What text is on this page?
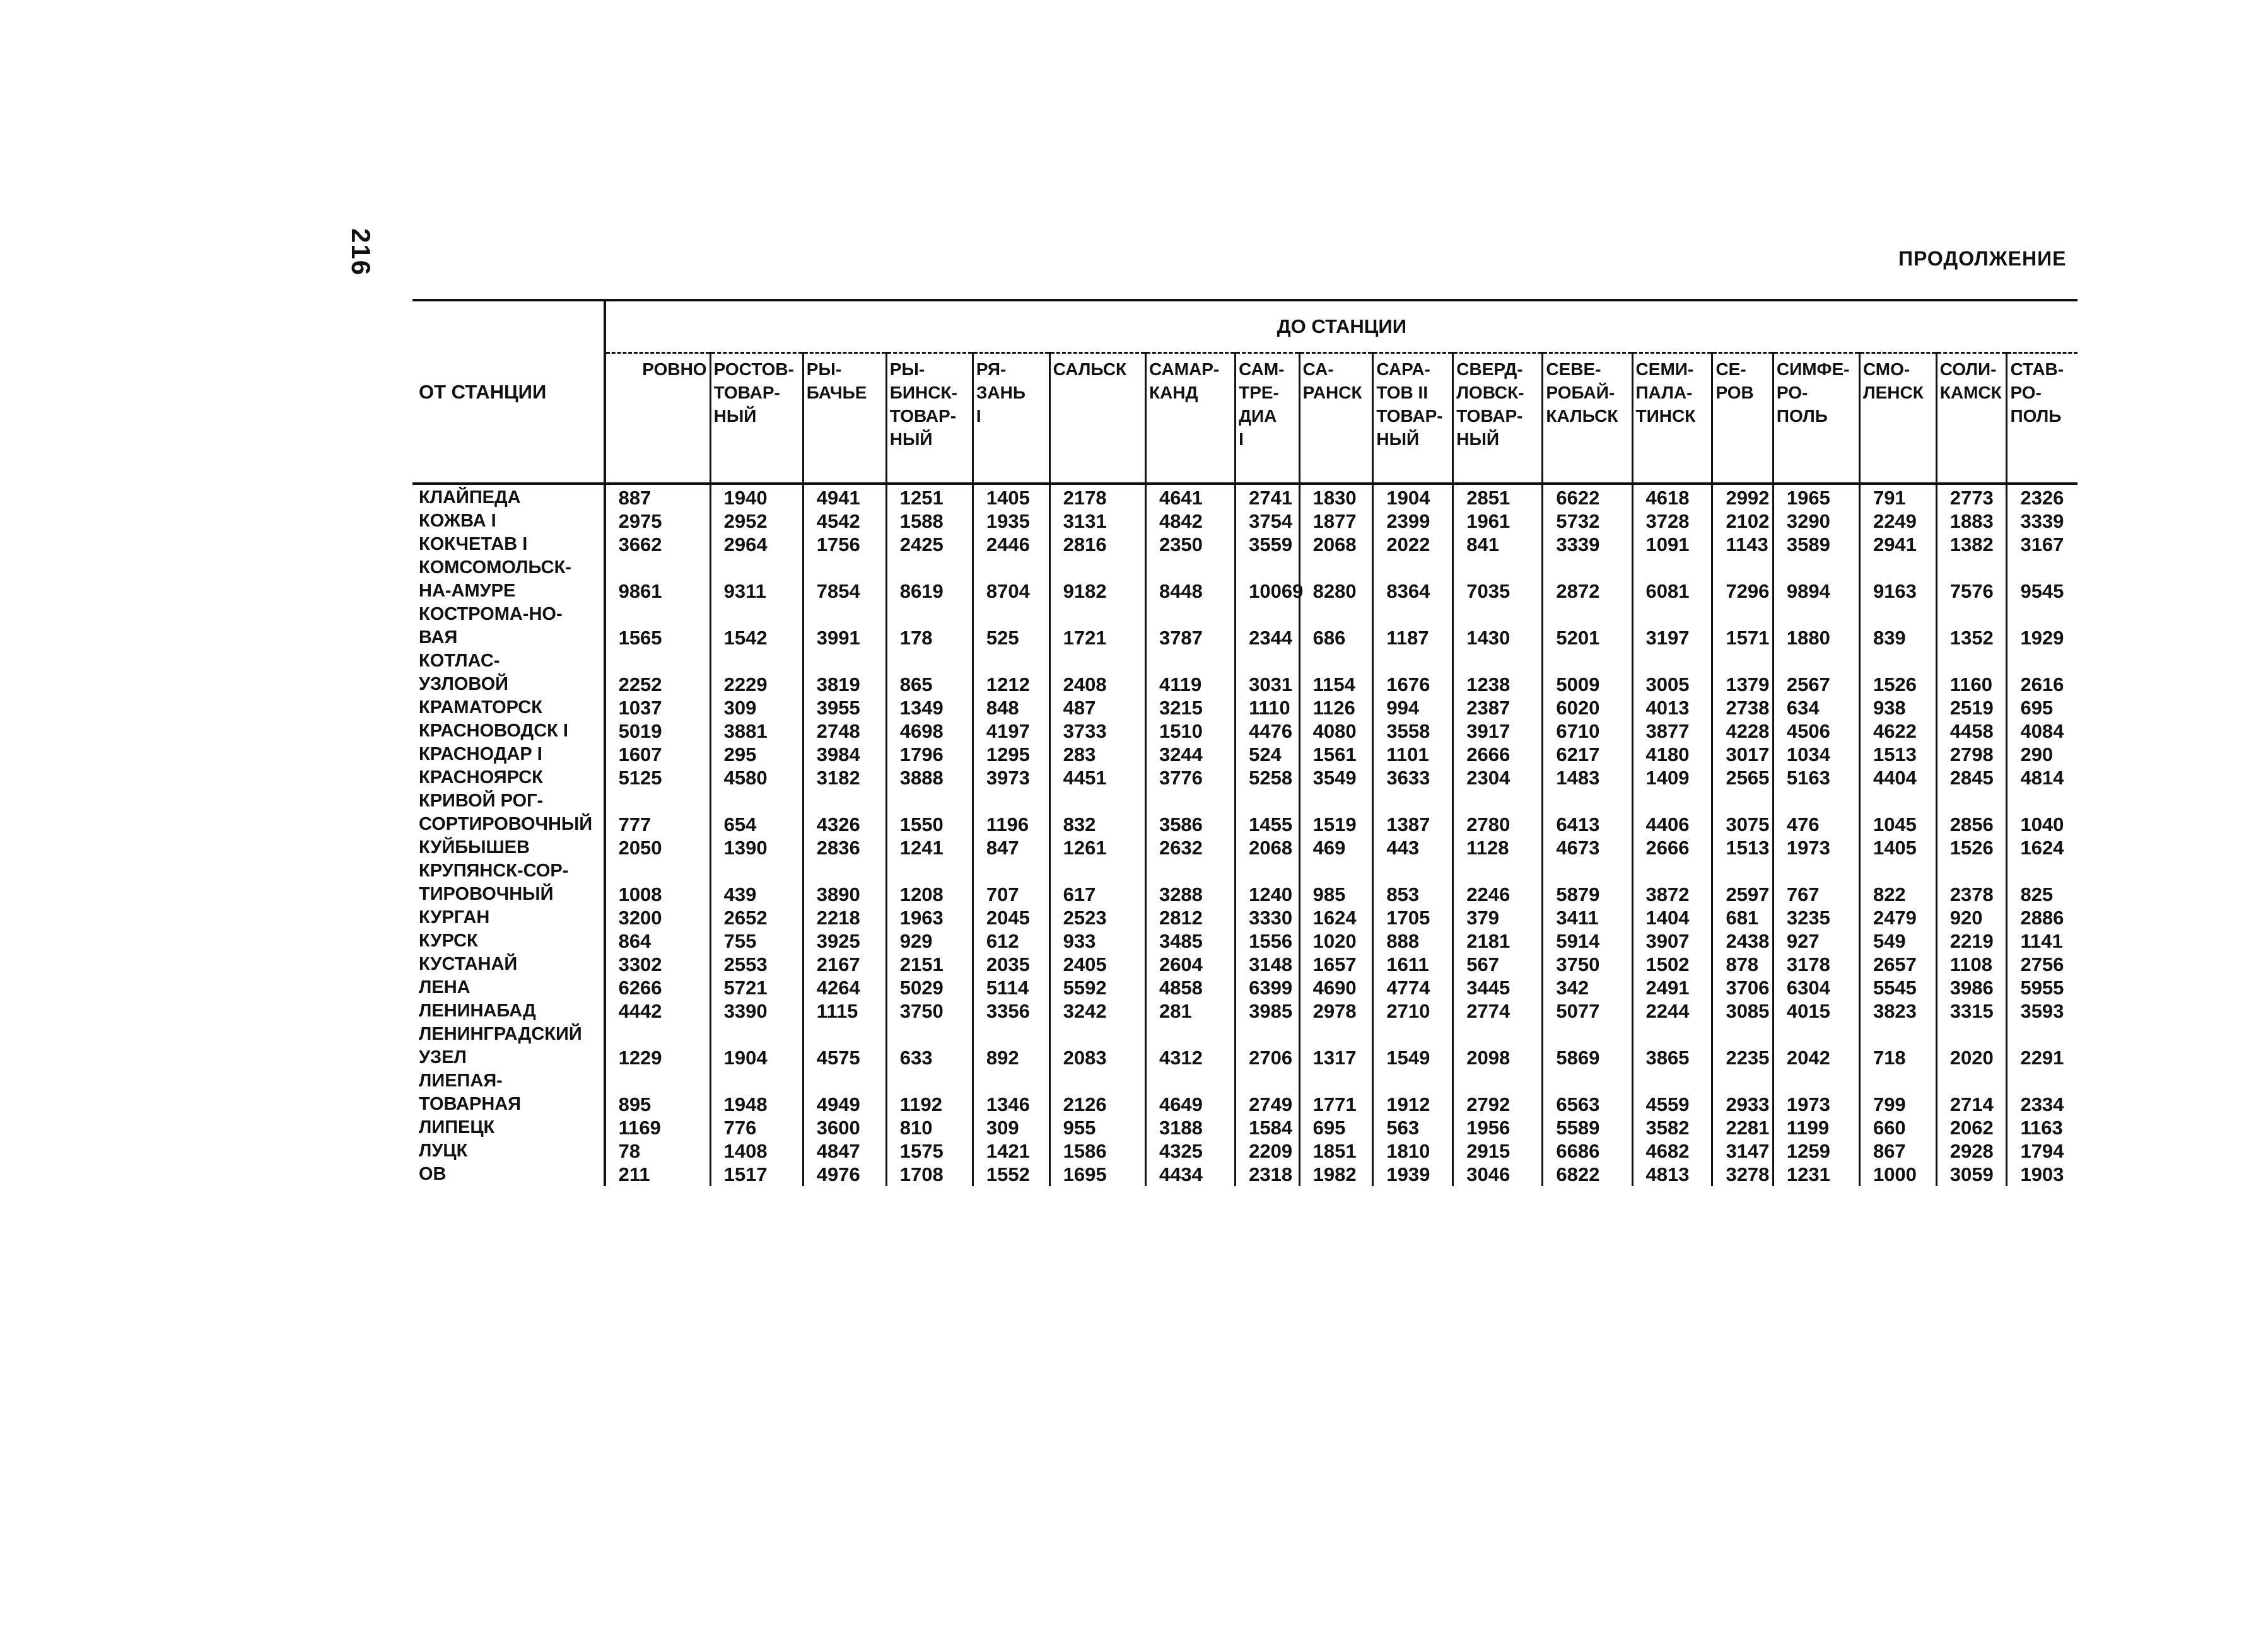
216	ПРОДОЛЖЕНИЕ
ОТ СТАНЦИИ	ДО СТАНЦИИ																	
	РОВНО	РОСТОВ-
ТОВАР-
НЫЙ	РЫ-
БАЧЬЕ	РЫ-
БИНСК-
ТОВАР-
НЫЙ	РЯ-
ЗАНЬ
I	САЛЬСК	САМАР-
КАНД	САМ-
ТРЕ-
ДИА
I	СА-
РАНСК	САРА-
ТОВ II
ТОВАР-
НЫЙ	СВЕРД-
ЛОВСК-
ТОВАР-
НЫЙ	СЕВЕ-
РОБАЙ-
КАЛЬСК	СЕМИ-
ПАЛА-
ТИНСК	СЕ-
РОВ	СИМФЕ-
РО-
ПОЛЬ	СМО-
ЛЕНСК	СОЛИ-
КАМСК	СТАВ-
РО-
ПОЛЬ
КЛАЙПЕДА	887	1940	4941	1251	1405	2178	4641	2741	1830	1904	2851	6622	4618	2992	1965	791	2773	2326
КОЖВА I	2975	2952	4542	1588	1935	3131	4842	3754	1877	2399	1961	5732	3728	2102	3290	2249	1883	3339
КОКЧЕТАВ I	3662	2964	1756	2425	2446	2816	2350	3559	2068	2022	841	3339	1091	1143	3589	2941	1382	3167
КОМСОМОЛЬСК-
НА-АМУРЕ	9861	9311	7854	8619	8704	9182	8448	10069	8280	8364	7035	2872	6081	7296	9894	9163	7576	9545
КОСТРОМА-НО-
ВАЯ	1565	1542	3991	178	525	1721	3787	2344	686	1187	1430	5201	3197	1571	1880	839	1352	1929
КОТЛАС-
УЗЛОВОЙ	2252	2229	3819	865	1212	2408	4119	3031	1154	1676	1238	5009	3005	1379	2567	1526	1160	2616
КРАМАТОРСК	1037	309	3955	1349	848	487	3215	1110	1126	994	2387	6020	4013	2738	634	938	2519	695
КРАСНОВОДСК I	5019	3881	2748	4698	4197	3733	1510	4476	4080	3558	3917	6710	3877	4228	4506	4622	4458	4084
КРАСНОДАР I	1607	295	3984	1796	1295	283	3244	524	1561	1101	2666	6217	4180	3017	1034	1513	2798	290
КРАСНОЯРСК	5125	4580	3182	3888	3973	4451	3776	5258	3549	3633	2304	1483	1409	2565	5163	4404	2845	4814
КРИВОЙ РОГ-
СОРТИРОВОЧНЫЙ	777	654	4326	1550	1196	832	3586	1455	1519	1387	2780	6413	4406	3075	476	1045	2856	1040
КУЙБЫШЕВ	2050	1390	2836	1241	847	1261	2632	2068	469	443	1128	4673	2666	1513	1973	1405	1526	1624
КРУПЯНСК-СОР-
ТИРОВОЧНЫЙ	1008	439	3890	1208	707	617	3288	1240	985	853	2246	5879	3872	2597	767	822	2378	825
КУРГАН	3200	2652	2218	1963	2045	2523	2812	3330	1624	1705	379	3411	1404	681	3235	2479	920	2886
КУРСК	864	755	3925	929	612	933	3485	1556	1020	888	2181	5914	3907	2438	927	549	2219	1141
КУСТАНАЙ	3302	2553	2167	2151	2035	2405	2604	3148	1657	1611	567	3750	1502	878	3178	2657	1108	2756
ЛЕНА	6266	5721	4264	5029	5114	5592	4858	6399	4690	4774	3445	342	2491	3706	6304	5545	3986	5955
ЛЕНИНАБАД	4442	3390	1115	3750	3356	3242	281	3985	2978	2710	2774	5077	2244	3085	4015	3823	3315	3593
ЛЕНИНГРАДСКИЙ
УЗЕЛ	1229	1904	4575	633	892	2083	4312	2706	1317	1549	2098	5869	3865	2235	2042	718	2020	2291
ЛИЕПАЯ-
ТОВАРНАЯ	895	1948	4949	1192	1346	2126	4649	2749	1771	1912	2792	6563	4559	2933	1973	799	2714	2334
ЛИПЕЦК	1169	776	3600	810	309	955	3188	1584	695	563	1956	5589	3582	2281	1199	660	2062	1163
ЛУЦК	78	1408	4847	1575	1421	1586	4325	2209	1851	1810	2915	6686	4682	3147	1259	867	2928	1794
ОВ	211	1517	4976	1708	1552	1695	4434	2318	1982	1939	3046	6822	4813	3278	1231	1000	3059	1903
